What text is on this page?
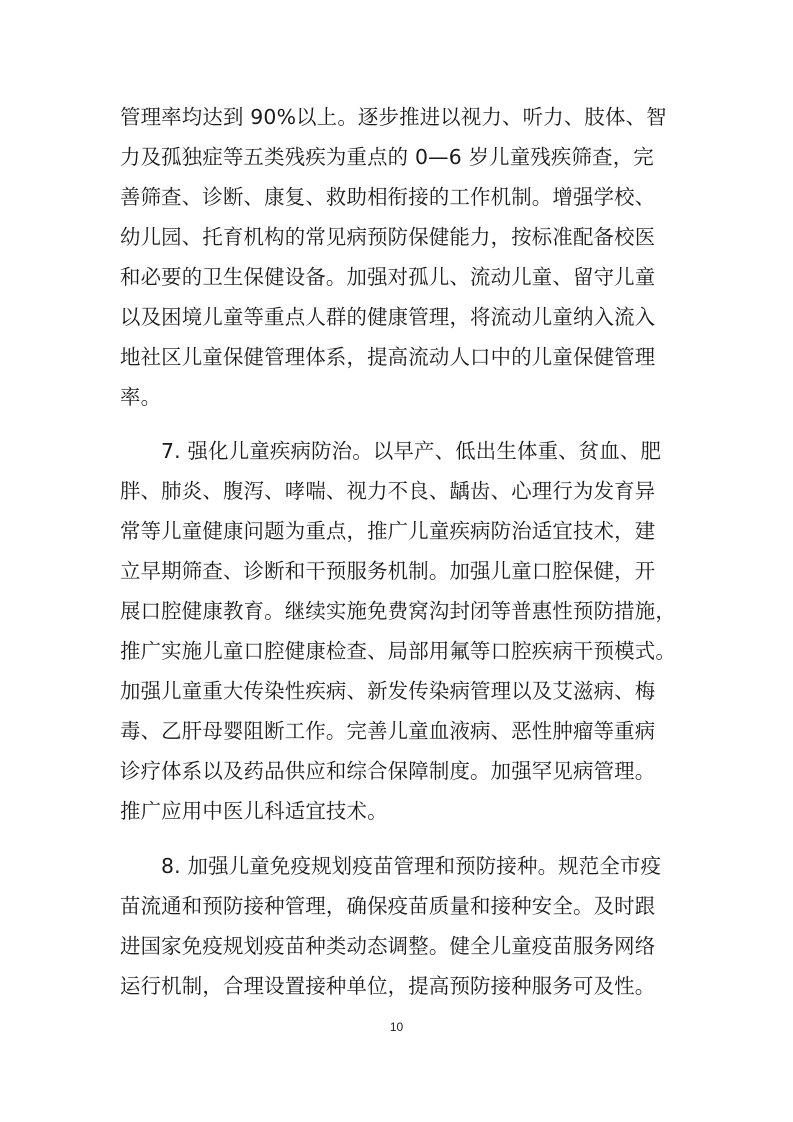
管理率均达到 90%以上。逐步推进以视力、听力、肢体、智
力及孤独症等五类残疾为重点的 0—6 岁儿童残疾筛查，完
善筛查、诊断、康复、救助相衔接的工作机制。增强学校、
幼儿园、托育机构的常见病预防保健能力，按标准配备校医
和必要的卫生保健设备。加强对孤儿、流动儿童、留守儿童
以及困境儿童等重点人群的健康管理，将流动儿童纳入流入
地社区儿童保健管理体系，提高流动人口中的儿童保健管理
率。
7. 强化儿童疾病防治。以早产、低出生体重、贫血、肥
胖、肺炎、腹泻、哮喘、视力不良、龋齿、心理行为发育异
常等儿童健康问题为重点，推广儿童疾病防治适宜技术，建
立早期筛查、诊断和干预服务机制。加强儿童口腔保健，开
展口腔健康教育。继续实施免费窝沟封闭等普惠性预防措施，
推广实施儿童口腔健康检查、局部用氟等口腔疾病干预模式。
加强儿童重大传染性疾病、新发传染病管理以及艾滋病、梅
毒、乙肝母婴阻断工作。完善儿童血液病、恶性肿瘤等重病
诊疗体系以及药品供应和综合保障制度。加强罕见病管理。
推广应用中医儿科适宜技术。
8. 加强儿童免疫规划疫苗管理和预防接种。规范全市疫
苗流通和预防接种管理，确保疫苗质量和接种安全。及时跟
进国家免疫规划疫苗种类动态调整。健全儿童疫苗服务网络
运行机制，合理设置接种单位，提高预防接种服务可及性。
10
